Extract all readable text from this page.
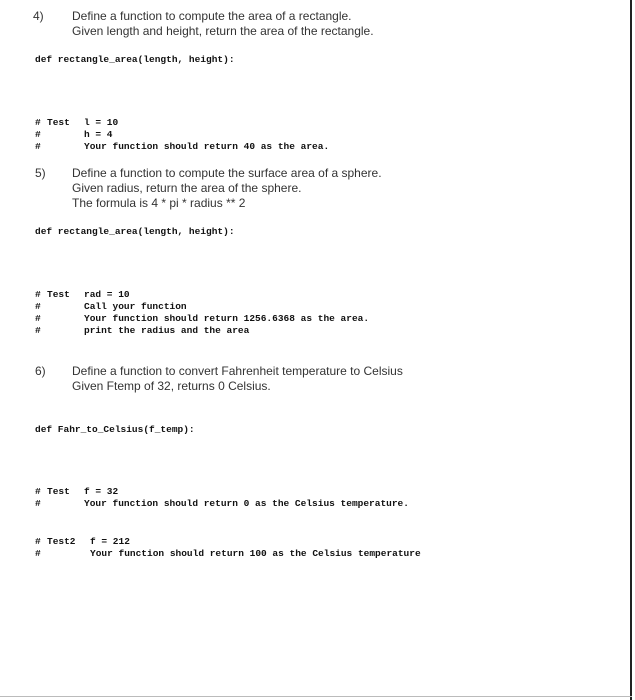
4) Define a function to compute the area of a rectangle.
Given length and height, return the area of the rectangle.
def rectangle_area(length, height):
# Test l = 10
#	h = 4
#	Your function should return 40 as the area.
5) Define a function to compute the surface area of a sphere.
Given radius, return the area of the sphere.
The formula is 4 * pi * radius ** 2
def rectangle_area(length, height):
# Test rad = 10
#	Call your function
#	Your function should return 1256.6368 as the area.
#	print the radius and the area
6) Define a function to convert Fahrenheit temperature to Celsius
Given Ftemp of 32, returns 0 Celsius.
def Fahr_to_Celsius(f_temp):
# Test f = 32
#	Your function should return 0 as the Celsius temperature.
# Test2 f = 212
#	Your function should return 100 as the Celsius temperature
